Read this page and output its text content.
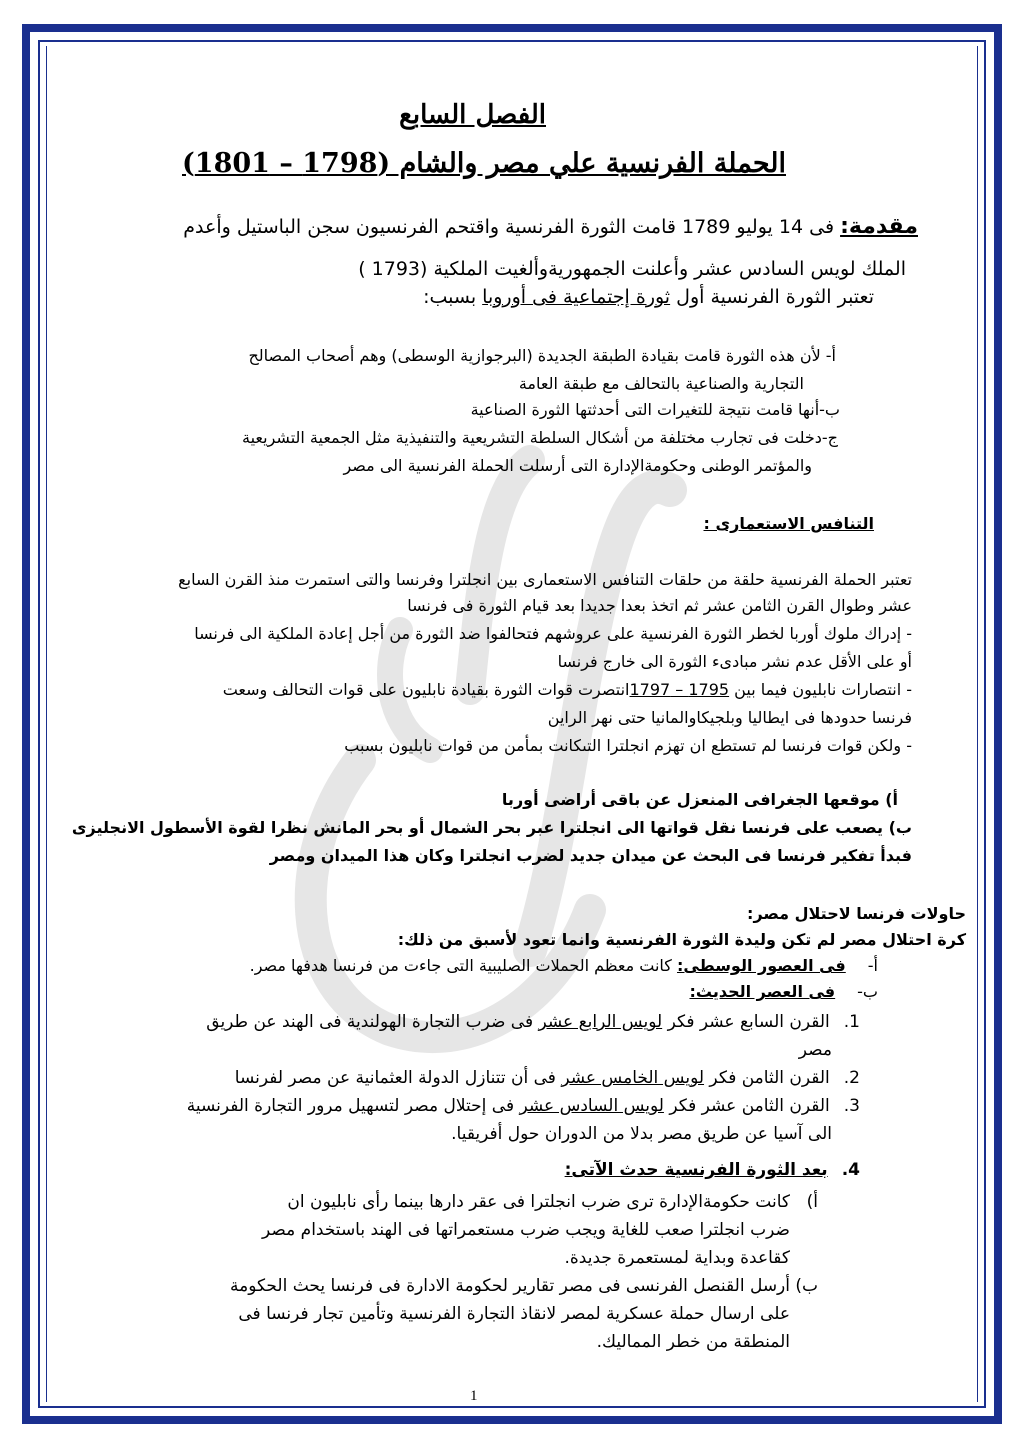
الفصل السابع
الحملة الفرنسية علي مصر والشام (1798 – 1801)
مقدمة: فى 14 يوليو 1789 قامت الثورة الفرنسية واقتحم الفرنسيون سجن الباستيل وأعدم
الملك لويس السادس عشر وأعلنت الجمهوريةوألغيت الملكية (1793 )
تعتبر الثورة الفرنسية أول ثورة إجتماعية فى أوروبا بسبب:
أ- لأن هذه الثورة قامت بقيادة الطبقة الجديدة (البرجوازية الوسطى) وهم أصحاب المصالح
التجارية والصناعية بالتحالف مع طبقة العامة
ب-أنها قامت نتيجة للتغيرات التى أحدثتها الثورة الصناعية
ج-دخلت فى تجارب مختلفة من أشكال السلطة التشريعية والتنفيذية مثل الجمعية التشريعية
والمؤتمر الوطنى وحكومةالإدارة التى أرسلت الحملة الفرنسية الى مصر
التنافس الاستعمارى :
تعتبر الحملة الفرنسية حلقة من حلقات التنافس الاستعمارى بين انجلترا وفرنسا والتى استمرت منذ القرن السابع
عشر وطوال القرن الثامن عشر ثم اتخذ بعدا جديدا بعد قيام الثورة فى فرنسا
- إدراك ملوك أوربا لخطر الثورة الفرنسية على عروشهم فتحالفوا ضد الثورة من أجل إعادة الملكية الى فرنسا
أو على الأقل عدم نشر مبادىء الثورة الى خارج فرنسا
- انتصارات نابليون فيما بين 1795 – 1797انتصرت قوات الثورة بقيادة نابليون على قوات التحالف وسعت
فرنسا حدودها فى ايطاليا وبلجيكاوالمانيا حتى نهر الراين
- ولكن قوات فرنسا لم تستطع ان تهزم انجلترا التىكانت بمأمن من قوات نابليون بسبب
أ) موقعها الجغرافى المنعزل عن باقى أراضى أوربا
ب) يصعب على فرنسا نقل قواتها الى انجلترا عبر بحر الشمال أو بحر المانش نظرا لقوة الأسطول الانجليزى
فبدأ تفكير فرنسا فى البحث عن ميدان جديد لضرب انجلترا وكان هذا الميدان ومصر
حاولات فرنسا لاحتلال مصر:
كرة احتلال مصر لم تكن وليدة الثورة الفرنسية وانما تعود لأسبق من ذلك:
أ-فى العصور الوسطى: كانت معظم الحملات الصليبية التى جاءت من فرنسا هدفها مصر.
ب-فى العصر الحديث:
1.القرن السابع عشر فكر لويس الرابع عشر فى ضرب التجارة الهولندية فى الهند عن طريق
مصر
2.القرن الثامن فكر لويس الخامس عشر فى أن تتنازل الدولة العثمانية عن مصر لفرنسا
3.القرن الثامن عشر فكر لويس السادس عشر فى إحتلال مصر لتسهيل مرور التجارة الفرنسية
الى آسيا عن طريق مصر بدلا من الدوران حول أفريقيا.
4.بعد الثورة الفرنسية حدث الآتى:
أ)
كانت حكومةالإدارة ترى ضرب انجلترا فى عقر دارها بينما رأى نابليون ان
ضرب انجلترا صعب للغاية ويجب ضرب مستعمراتها فى الهند باستخدام مصر
كقاعدة وبداية لمستعمرة جديدة.
ب)
أرسل القنصل الفرنسى فى مصر تقارير لحكومة الادارة فى فرنسا يحث الحكومة
على ارسال حملة عسكرية لمصر لانقاذ التجارة الفرنسية وتأمين تجار فرنسا فى
المنطقة من خطر المماليك.
1
